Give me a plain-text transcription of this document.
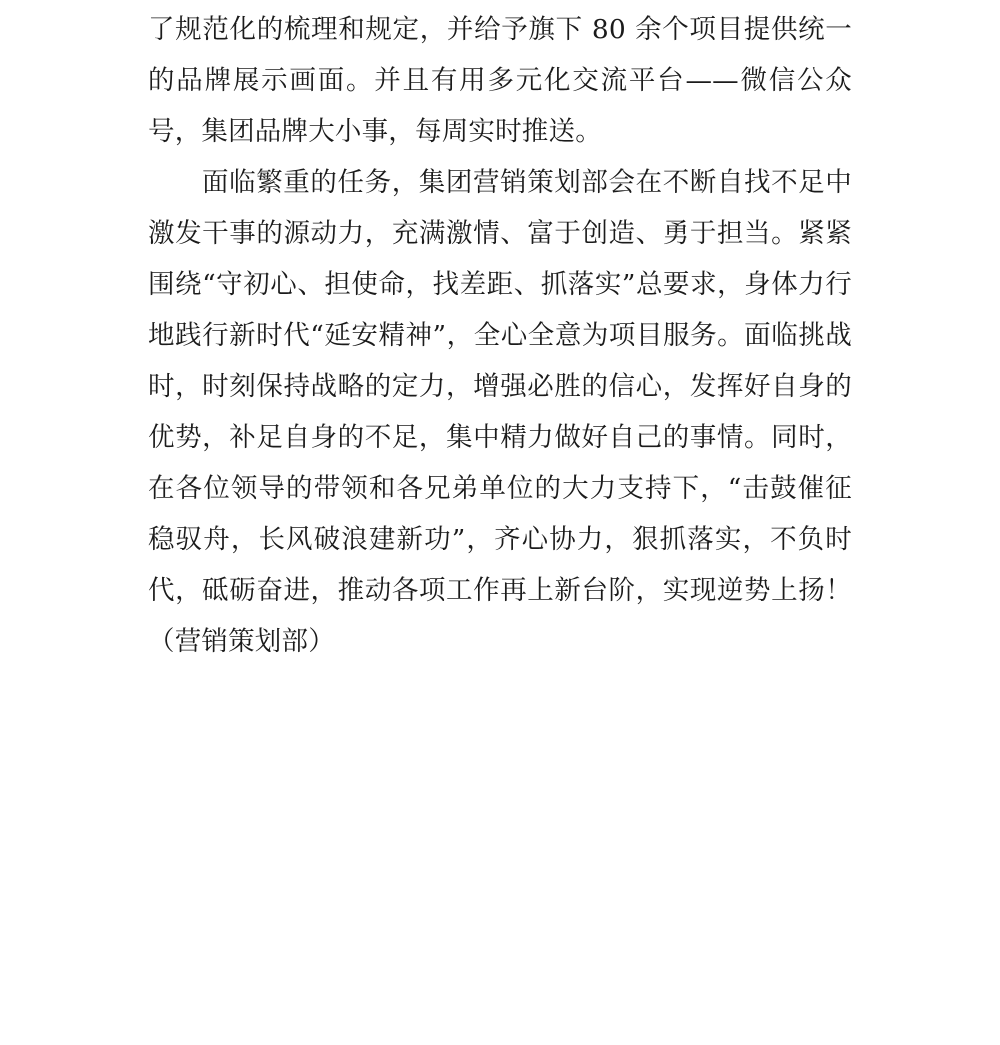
了规范化的梳理和规定，并给予旗下 80 余个项目提供统一的品牌展示画面。并且有用多元化交流平台——微信公众号，集团品牌大小事，每周实时推送。

面临繁重的任务，集团营销策划部会在不断自找不足中激发干事的源动力，充满激情、富于创造、勇于担当。紧紧围绕“守初心、担使命，找差距、抓落实”总要求，身体力行地践行新时代“延安精神”，全心全意为项目服务。面临挑战时，时刻保持战略的定力，增强必胜的信心，发挥好自身的优势，补足自身的不足，集中精力做好自己的事情。同时，在各位领导的带领和各兄弟单位的大力支持下，“击鼓催征稳驭舟，长风破浪建新功”，齐心协力，狠抓落实，不负时代，砥砺奋进，推动各项工作再上新台阶，实现逆势上扬！（营销策划部）
